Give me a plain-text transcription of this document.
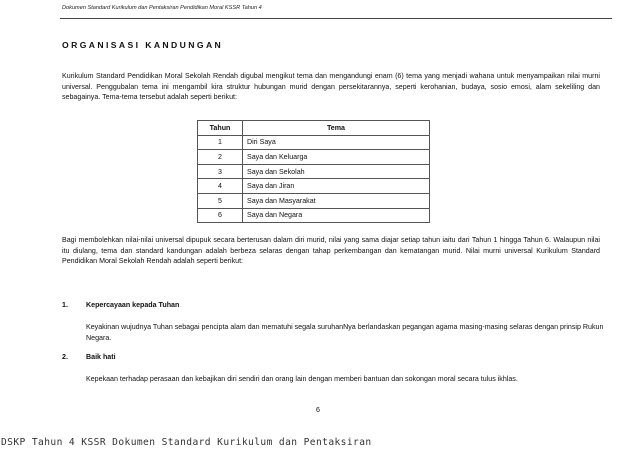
Dokumen Standard Kurikulum dan Pentaksiran Pendidikan Moral KSSR Tahun 4
ORGANISASI KANDUNGAN
Kurikulum Standard Pendidikan Moral Sekolah Rendah digubal mengikut tema dan mengandungi enam (6) tema yang menjadi wahana untuk menyampaikan nilai murni universal. Penggubalan tema ini mengambil kira struktur hubungan murid dengan persekitarannya, seperti kerohanian, budaya, sosio emosi, alam sekeliling dan sebagainya. Tema-tema tersebut adalah seperti berikut:
Tahun	Tema
1	Diri Saya
2	Saya dan Keluarga
3	Saya dan Sekolah
4	Saya dan Jiran
5	Saya dan Masyarakat
6	Saya dan Negara
Bagi membolehkan nilai-nilai universal dipupuk secara berterusan dalam diri murid, nilai yang sama diajar setiap tahun iaitu dari Tahun 1 hingga Tahun 6. Walaupun nilai itu diulang, tema dan standard kandungan adalah berbeza selaras dengan tahap perkembangan dan kematangan murid. Nilai murni universal Kurikulum Standard Pendidikan Moral Sekolah Rendah adalah seperti berikut:
1.	Kepercayaan kepada Tuhan
Keyakinan wujudnya Tuhan sebagai pencipta alam dan mematuhi segala suruhanNya berlandaskan pegangan agama masing-masing selaras dengan prinsip Rukun Negara.
2.	Baik hati
Kepekaan terhadap perasaan dan kebajikan diri sendiri dan orang lain dengan memberi bantuan dan sokongan moral secara tulus ikhlas.
6
DSKP Tahun 4 KSSR Dokumen Standard Kurikulum dan Pentaksiran
